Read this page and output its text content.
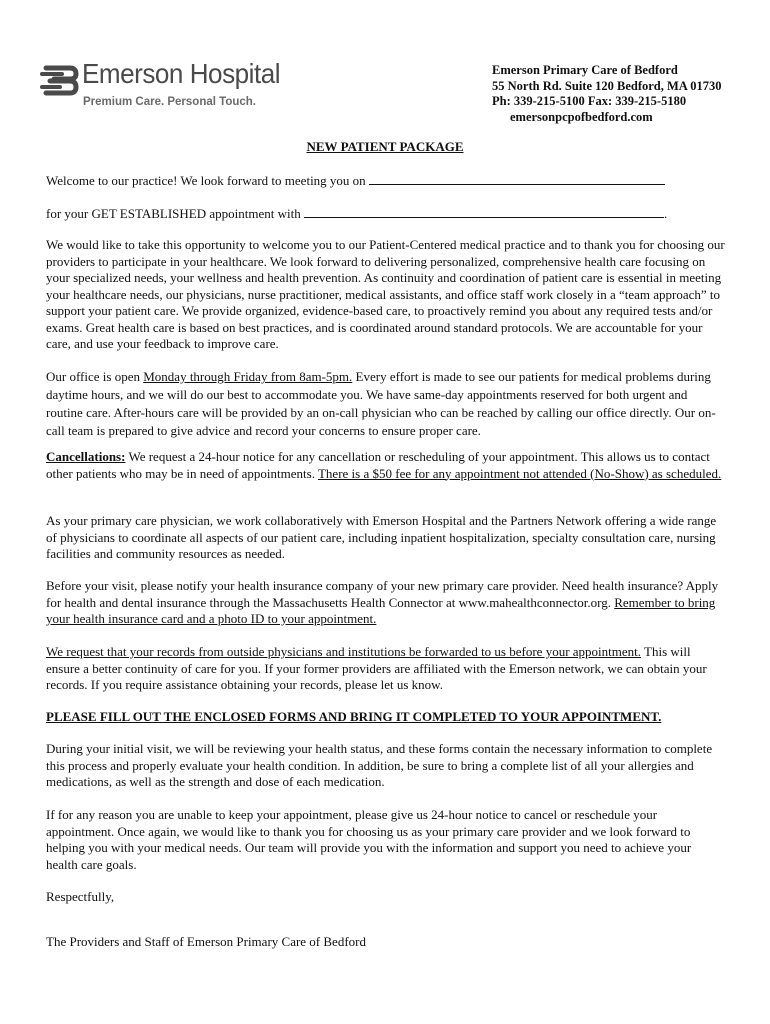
Emerson Hospital
Premium Care. Personal Touch.
Emerson Primary Care of Bedford
55 North Rd. Suite 120 Bedford, MA 01730
Ph: 339-215-5100 Fax: 339-215-5180
emersonpcpofbedford.com
NEW PATIENT PACKAGE
Welcome to our practice! We look forward to meeting you on
for your GET ESTABLISHED appointment with	.

We would like to take this opportunity to welcome you to our Patient-Centered medical practice and to thank you for choosing our providers to participate in your healthcare. We look forward to delivering personalized, comprehensive health care focusing on your specialized needs, your wellness and health prevention. As continuity and coordination of patient care is essential in meeting your healthcare needs, our physicians, nurse practitioner, medical assistants, and office staff work closely in a “team approach” to support your patient care. We provide organized, evidence-based care, to proactively remind you about any required tests and/or exams. Great health care is based on best practices, and is coordinated around standard protocols. We are accountable for your care, and use your feedback to improve care.

Our office is open Monday through Friday from 8am-5pm. Every effort is made to see our patients for medical problems during daytime hours, and we will do our best to accommodate you. We have same-day appointments reserved for both urgent and routine care. After-hours care will be provided by an on-call physician who can be reached by calling our office directly. Our on-call team is prepared to give advice and record your concerns to ensure proper care.

Cancellations: We request a 24-hour notice for any cancellation or rescheduling of your appointment. This allows us to contact other patients who may be in need of appointments. There is a $50 fee for any appointment not attended (No-Show) as scheduled.

As your primary care physician, we work collaboratively with Emerson Hospital and the Partners Network offering a wide range of physicians to coordinate all aspects of our patient care, including inpatient hospitalization, specialty consultation care, nursing facilities and community resources as needed.

Before your visit, please notify your health insurance company of your new primary care provider. Need health insurance? Apply for health and dental insurance through the Massachusetts Health Connector at www.mahealthconnector.org. Remember to bring your health insurance card and a photo ID to your appointment.

We request that your records from outside physicians and institutions be forwarded to us before your appointment. This will ensure a better continuity of care for you. If your former providers are affiliated with the Emerson network, we can obtain your records. If you require assistance obtaining your records, please let us know.

PLEASE FILL OUT THE ENCLOSED FORMS AND BRING IT COMPLETED TO YOUR APPOINTMENT.

During your initial visit, we will be reviewing your health status, and these forms contain the necessary information to complete this process and properly evaluate your health condition. In addition, be sure to bring a complete list of all your allergies and medications, as well as the strength and dose of each medication.

If for any reason you are unable to keep your appointment, please give us 24-hour notice to cancel or reschedule your appointment. Once again, we would like to thank you for choosing us as your primary care provider and we look forward to helping you with your medical needs. Our team will provide you with the information and support you need to achieve your health care goals.

Respectfully,
The Providers and Staff of Emerson Primary Care of Bedford
